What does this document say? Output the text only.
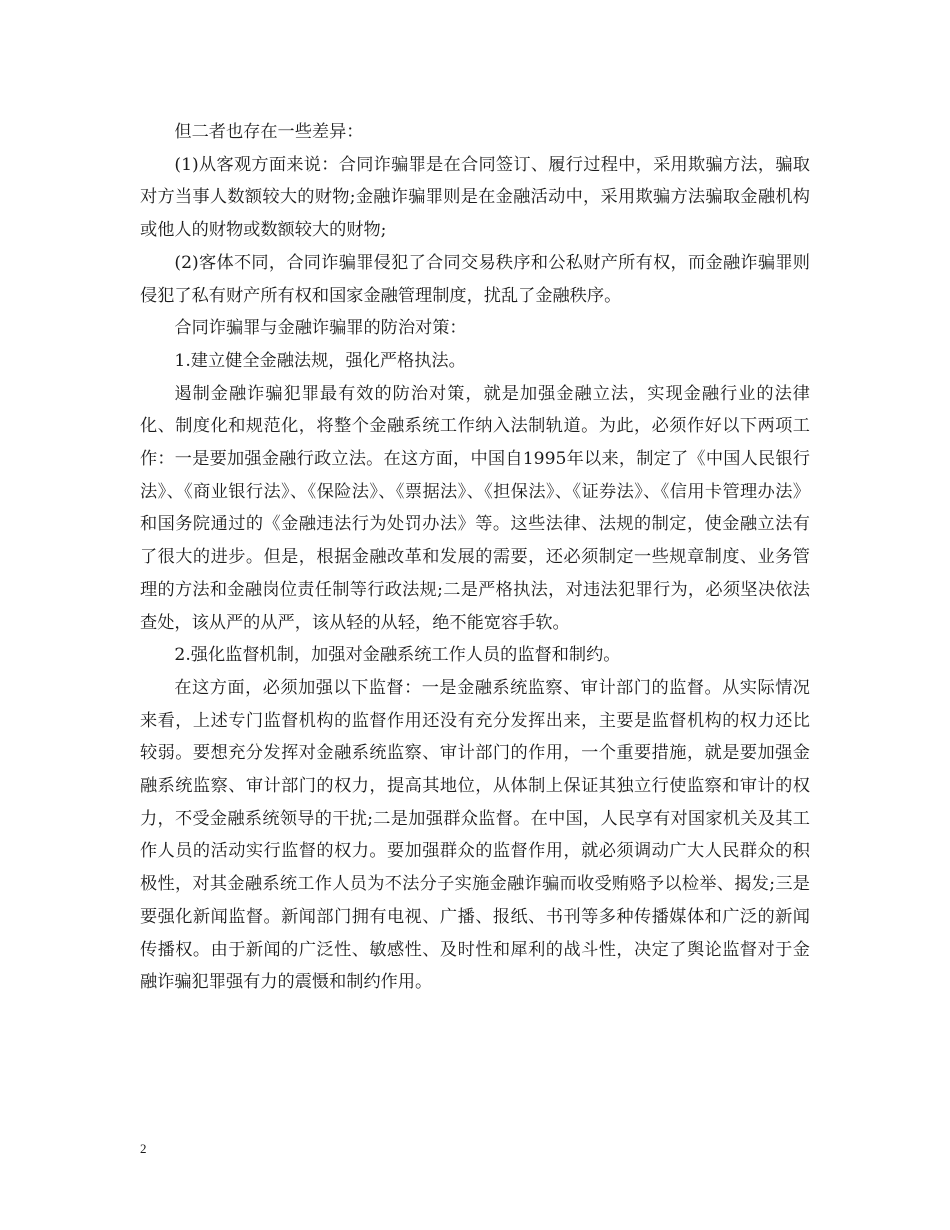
但二者也存在一些差异：

(1)从客观方面来说：合同诈骗罪是在合同签订、履行过程中，采用欺骗方法，骗取对方当事人数额较大的财物;金融诈骗罪则是在金融活动中，采用欺骗方法骗取金融机构或他人的财物或数额较大的财物;

(2)客体不同，合同诈骗罪侵犯了合同交易秩序和公私财产所有权，而金融诈骗罪则侵犯了私有财产所有权和国家金融管理制度，扰乱了金融秩序。

合同诈骗罪与金融诈骗罪的防治对策：

1.建立健全金融法规，强化严格执法。

遏制金融诈骗犯罪最有效的防治对策，就是加强金融立法，实现金融行业的法律化、制度化和规范化，将整个金融系统工作纳入法制轨道。为此，必须作好以下两项工作：一是要加强金融行政立法。在这方面，中国自1995年以来，制定了《中国人民银行法》、《商业银行法》、《保险法》、《票据法》、《担保法》、《证券法》、《信用卡管理办法》和国务院通过的《金融违法行为处罚办法》等。这些法律、法规的制定，使金融立法有了很大的进步。但是，根据金融改革和发展的需要，还必须制定一些规章制度、业务管理的方法和金融岗位责任制等行政法规;二是严格执法，对违法犯罪行为，必须坚决依法查处，该从严的从严，该从轻的从轻，绝不能宽容手软。

2.强化监督机制，加强对金融系统工作人员的监督和制约。

在这方面，必须加强以下监督：一是金融系统监察、审计部门的监督。从实际情况来看，上述专门监督机构的监督作用还没有充分发挥出来，主要是监督机构的权力还比较弱。要想充分发挥对金融系统监察、审计部门的作用，一个重要措施，就是要加强金融系统监察、审计部门的权力，提高其地位，从体制上保证其独立行使监察和审计的权力，不受金融系统领导的干扰;二是加强群众监督。在中国，人民享有对国家机关及其工作人员的活动实行监督的权力。要加强群众的监督作用，就必须调动广大人民群众的积极性，对其金融系统工作人员为不法分子实施金融诈骗而收受贿赂予以检举、揭发;三是要强化新闻监督。新闻部门拥有电视、广播、报纸、书刊等多种传播媒体和广泛的新闻传播权。由于新闻的广泛性、敏感性、及时性和犀利的战斗性，决定了舆论监督对于金融诈骗犯罪强有力的震慑和制约作用。

2
